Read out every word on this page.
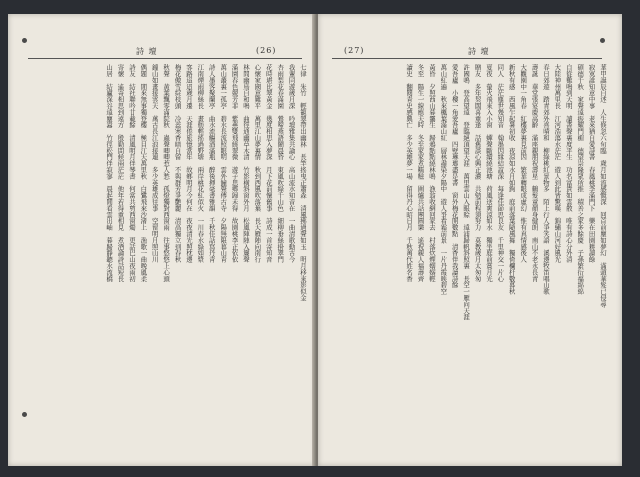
詩 壇	(26)
七律　朱竹　輕籠翠帶出幽林　長竿搖曳正蕭森　清風拂過聲如玉　明月移來影似金
我輩同遊歲月深　吟壇雅集共論心　高山流水知音在　一曲清歌動古今
杏雨梨花春滿園　鶯啼燕語鬧晨昏　東風吹綠千山色　細柳垂絲掛翠門
花時堪比翠黃金　幾度相思入夢深　月下花前懷舊事　詩成一首寄知音
心懷家國意難平　萬里江山夢裏情　秋到西風吹落葉　長天雁陣向南行
林間幽鳥自和鳴　曲徑通幽草木清　竹影橫斜窗外月　松風陣陣入簾聲
滿園春色競芳菲　紫燕雙飛繞翠微　遊子思鄉歸未得　故園桃李正依依
萬山叢裏一孤亭　碧水長流照眼明　雲外鐘聲傳古寺　夕陽無限暮山青
詩人墨客聚蘭亭　曲水流觴酒滿瓶　醉後揮毫書雅韻　千秋佳話寫丹青
江南煙雨柳絲長　畫舫輕搖過野塘　兩岸桃花紅似火　一川春水綠如漿
客路迢迢歲月遷　天涯倦旅憶當年　故鄉明月今何在　夜夜清光照枕邊
梅花傲雪綻枝頭　冷蕊寒香暗自留　不與群芳爭艷麗　清高獨立到春秋
秋聲　黃葉飄零滿院秋　蟲聲唧唧惹人愁　孤燈獨對西窗雨　往事悠悠上心頭
鐘山如畫接雲天　萬古長江浪接連　多少英雄成往事　空留明月照山川
偶題　閒來無事獨登樓　極目江天萬里秋　白鷺飛來沙渚上　漁歌一曲晚風柔
詩友　結社聯吟廿載餘　清風明月伴琴書　何當共剪西窗燭　更話巴山夜雨初
寄懷　遙寄相思到遠方　殷勤問候兩茫茫　他年若得重相見　煮酒論詩話短長
山居　結廬深谷遠塵囂　竹徑松門伴寂寥　晨起閒看雲出岫　暮歸靜聽水流橋
(27)	詩 壇
華甲誕辰自述　人生倏忽六旬臨　歲月如流感慨深　回首前塵如夢幻　滿頭華髮已侵尋
寂寞誰知意中事　老來猶自愛詩書　春風桃李滿門下　樂在田園耕讀餘
碩德千秋　家聲遠振耀門楣　德望崇隆眾所推　積善之家多餘慶　子孫繁衍福綿綿
自從雞鳴到天明　讀書聲裏度平生　功名富貴如雲散　唯有詩心分外清
大陸神州萬里長　江河浩蕩水茫茫　遊人到此皆驚嘆　錦繡山河好風光
春日郊遊　踏青郊外喜晴和　柳綠桃紅景物多　陌上行人爭笑語　溪邊牧笛唱山歌
壽誕　華堂張宴慶高齡　滿座親朋祝壽星　鶴髮童顏身健朗　南山不老永長青
大觀園中一角春　紅樓夢裏見前因　繁華轉眼成虛幻　惟有真情感後人
新秋有感　西風乍起暑初收　夜涼如水月如鉤　庭前落葉隨風舞　獨倚欄杆數暮秋
同人　茫茫塵世幾知音　翰墨因緣結誼深　每逢佳節思良友　千里神交一片心
夏夜　螢火飛來入小窗　蟬聲斷續繞池塘　荷風送爽涼如水　獨坐庭前賞月光
贈友　多年契闊喜重逢　話舊談心興正濃　共勉前程須努力　莫教歲月太匆匆
許國鳴　登高望遠　登臨絕頂望天涯　萬里雲山入眼賒　遠浦歸帆斜照裏　長空一雁向天涯
愛吾廬　小樓一角愛吾廬　四壁琳瑯盡是書　窗外梅花開數點　清香伴我讀詩餘
萬山紅遍　秋來楓葉滿山紅　層林盡染夕陽中　遊人爭看霜前景　一片丹霞映碧空
黃昏　夕照西山暮靄生　歸鴉點點繞林鳴　漁翁收網回家去　村落炊煙嫋嫋輕
冬至　陽生一線應天時　冬至家家煮糯糍　圍爐共話團圓樂　遙祝親人福壽齊
讀史　翻閱青史感興亡　多少英雄夢一場　留得丹心昭日月　千秋萬代姓名香
